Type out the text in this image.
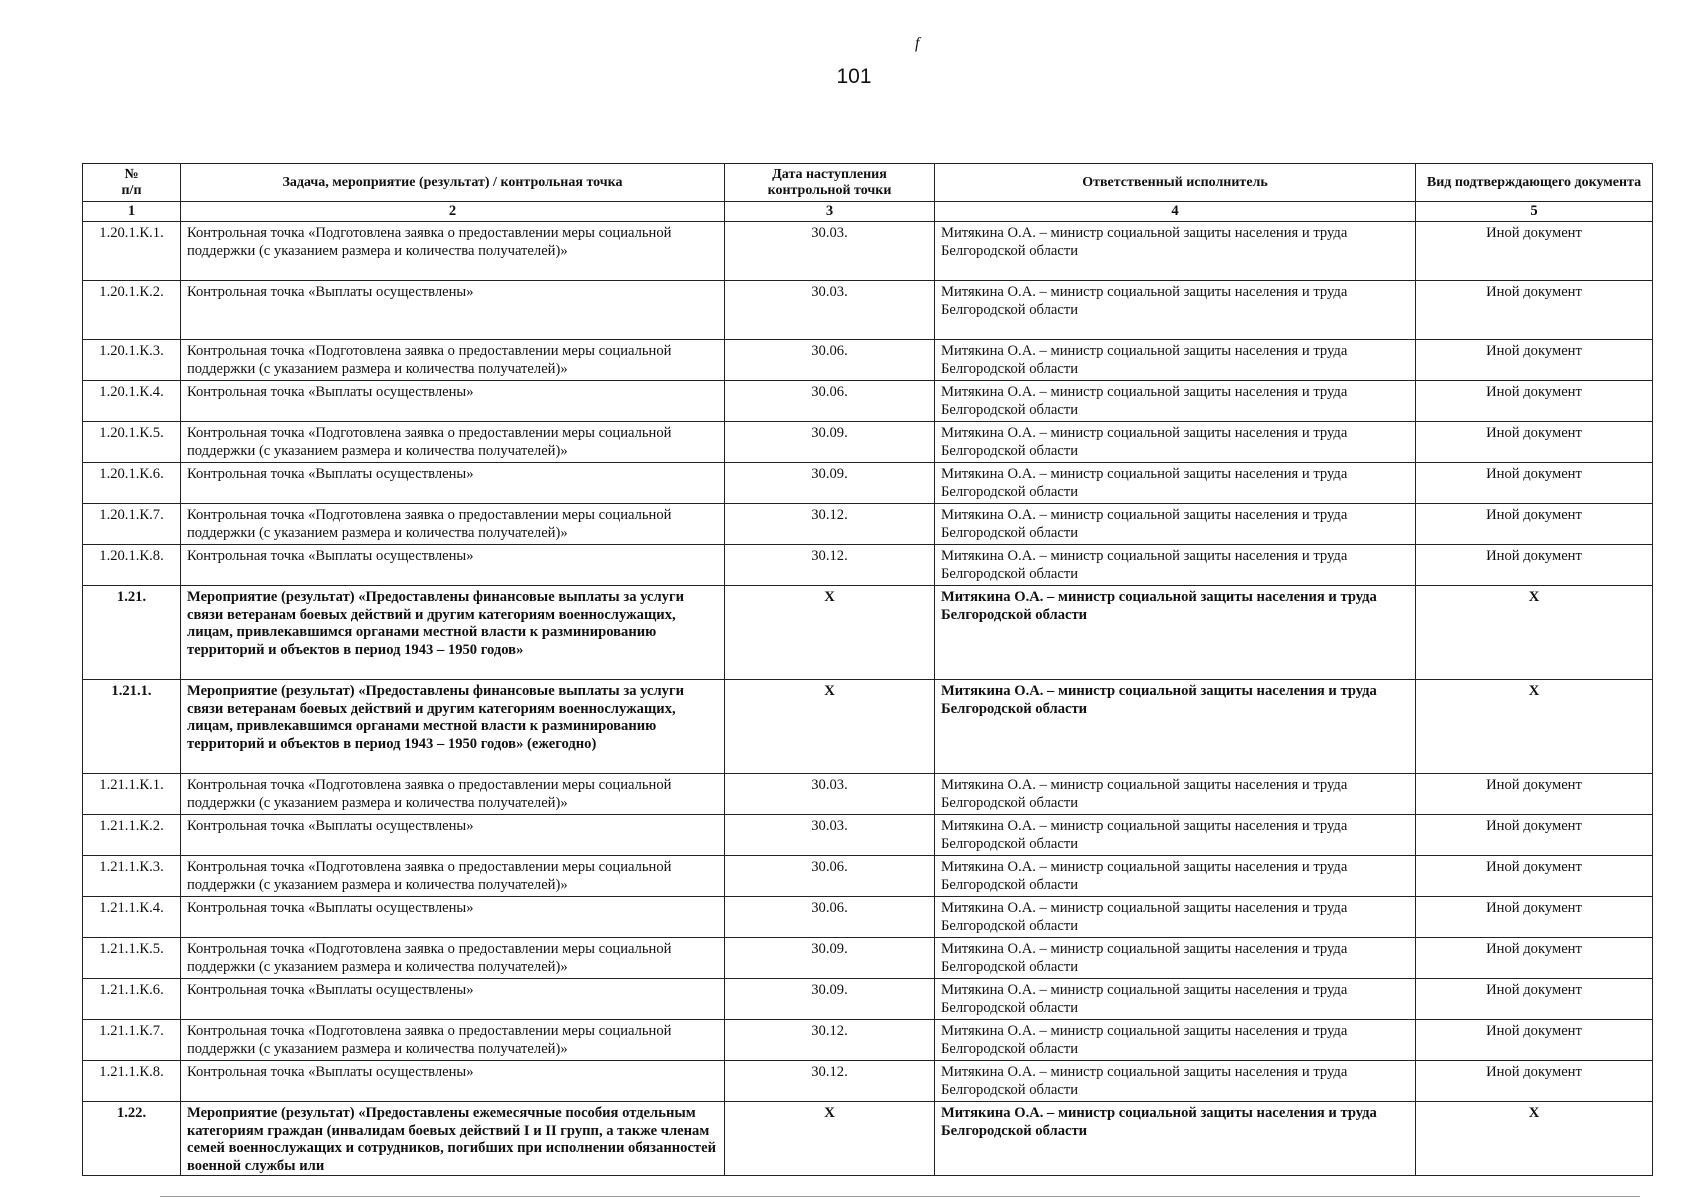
f
101
№
п/п	Задача, мероприятие (результат) / контрольная точка	Дата наступления контрольной точки	Ответственный исполнитель	Вид подтверждающего документа
1	2	3	4	5
1.20.1.К.1.	Контрольная точка «Подготовлена заявка о предоставлении меры социальной поддержки (с указанием размера и количества получателей)»	30.03.	Митякина О.А. – министр социальной защиты населения и труда Белгородской области	Иной документ
1.20.1.К.2.	Контрольная точка «Выплаты осуществлены»	30.03.	Митякина О.А. – министр социальной защиты населения и труда Белгородской области	Иной документ
1.20.1.К.3.	Контрольная точка «Подготовлена заявка о предоставлении меры социальной поддержки (с указанием размера и количества получателей)»	30.06.	Митякина О.А. – министр социальной защиты населения и труда Белгородской области	Иной документ
1.20.1.К.4.	Контрольная точка «Выплаты осуществлены»	30.06.	Митякина О.А. – министр социальной защиты населения и труда Белгородской области	Иной документ
1.20.1.К.5.	Контрольная точка «Подготовлена заявка о предоставлении меры социальной поддержки (с указанием размера и количества получателей)»	30.09.	Митякина О.А. – министр социальной защиты населения и труда Белгородской области	Иной документ
1.20.1.К.6.	Контрольная точка «Выплаты осуществлены»	30.09.	Митякина О.А. – министр социальной защиты населения и труда Белгородской области	Иной документ
1.20.1.К.7.	Контрольная точка «Подготовлена заявка о предоставлении меры социальной поддержки (с указанием размера и количества получателей)»	30.12.	Митякина О.А. – министр социальной защиты населения и труда Белгородской области	Иной документ
1.20.1.К.8.	Контрольная точка «Выплаты осуществлены»	30.12.	Митякина О.А. – министр социальной защиты населения и труда Белгородской области	Иной документ
1.21.	Мероприятие (результат) «Предоставлены финансовые выплаты за услуги связи ветеранам боевых действий и другим категориям военнослужащих, лицам, привлекавшимся органами местной власти к разминированию территорий и объектов в период 1943 – 1950 годов»	X	Митякина О.А. – министр социальной защиты населения и труда Белгородской области	X
1.21.1.	Мероприятие (результат) «Предоставлены финансовые выплаты за услуги связи ветеранам боевых действий и другим категориям военнослужащих, лицам, привлекавшимся органами местной власти к разминированию территорий и объектов в период 1943 – 1950 годов» (ежегодно)	X	Митякина О.А. – министр социальной защиты населения и труда Белгородской области	X
1.21.1.К.1.	Контрольная точка «Подготовлена заявка о предоставлении меры социальной поддержки (с указанием размера и количества получателей)»	30.03.	Митякина О.А. – министр социальной защиты населения и труда Белгородской области	Иной документ
1.21.1.К.2.	Контрольная точка «Выплаты осуществлены»	30.03.	Митякина О.А. – министр социальной защиты населения и труда Белгородской области	Иной документ
1.21.1.К.3.	Контрольная точка «Подготовлена заявка о предоставлении меры социальной поддержки (с указанием размера и количества получателей)»	30.06.	Митякина О.А. – министр социальной защиты населения и труда Белгородской области	Иной документ
1.21.1.К.4.	Контрольная точка «Выплаты осуществлены»	30.06.	Митякина О.А. – министр социальной защиты населения и труда Белгородской области	Иной документ
1.21.1.К.5.	Контрольная точка «Подготовлена заявка о предоставлении меры социальной поддержки (с указанием размера и количества получателей)»	30.09.	Митякина О.А. – министр социальной защиты населения и труда Белгородской области	Иной документ
1.21.1.К.6.	Контрольная точка «Выплаты осуществлены»	30.09.	Митякина О.А. – министр социальной защиты населения и труда Белгородской области	Иной документ
1.21.1.К.7.	Контрольная точка «Подготовлена заявка о предоставлении меры социальной поддержки (с указанием размера и количества получателей)»	30.12.	Митякина О.А. – министр социальной защиты населения и труда Белгородской области	Иной документ
1.21.1.К.8.	Контрольная точка «Выплаты осуществлены»	30.12.	Митякина О.А. – министр социальной защиты населения и труда Белгородской области	Иной документ
1.22.	Мероприятие (результат) «Предоставлены ежемесячные пособия отдельным категориям граждан (инвалидам боевых действий I и II групп, а также членам семей военнослужащих и сотрудников, погибших при исполнении обязанностей военной службы или	X	Митякина О.А. – министр социальной защиты населения и труда Белгородской области	X
